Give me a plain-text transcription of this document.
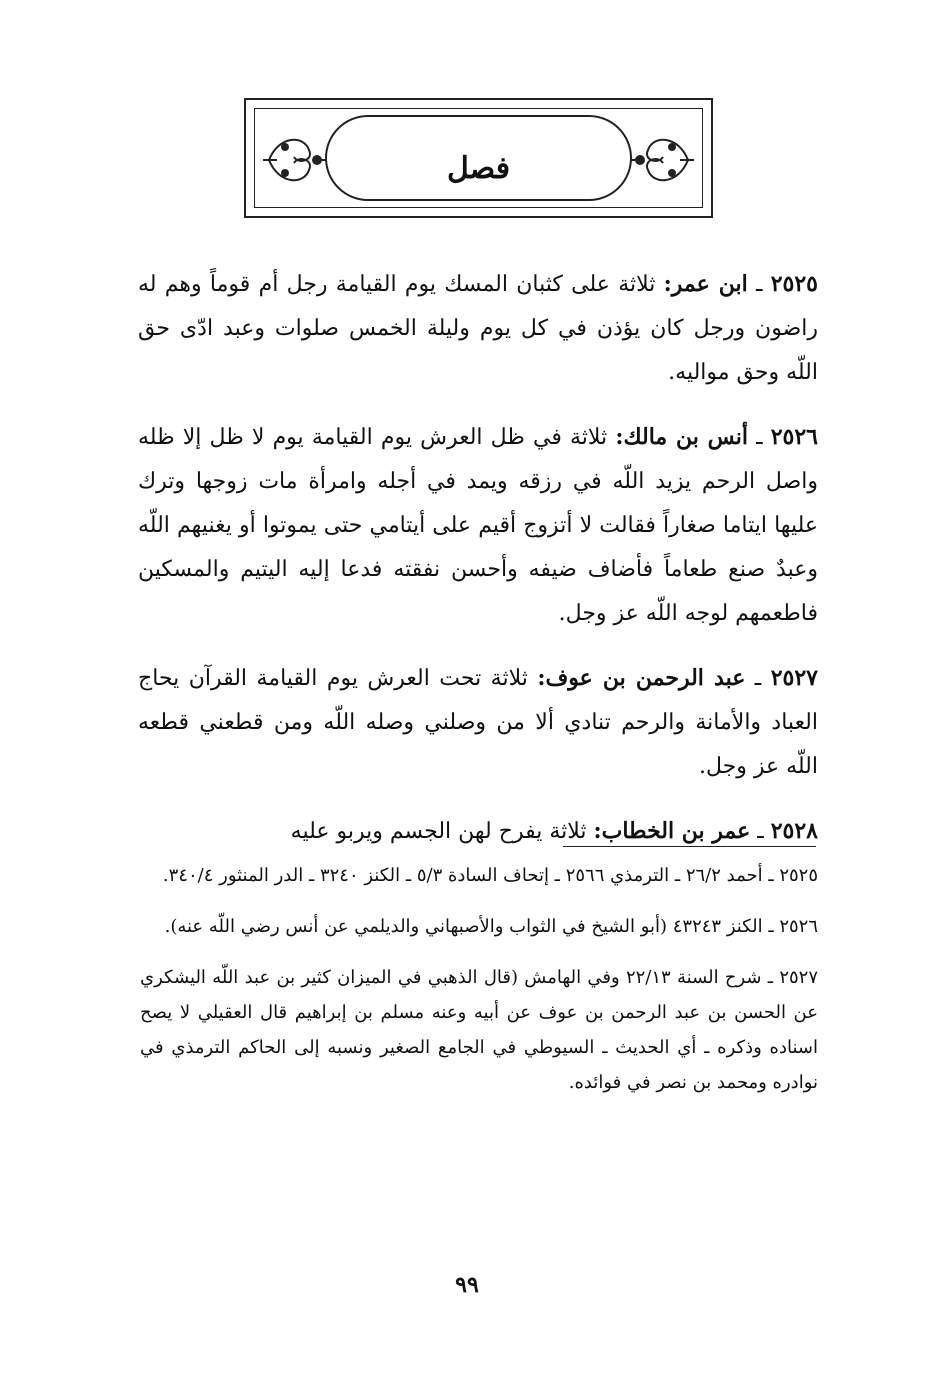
فصل

٢٥٢٥ ـ ابن عمر: ثلاثة على كثبان المسك يوم القيامة رجل أم قوماً وهم له راضون ورجل كان يؤذن في كل يوم وليلة الخمس صلوات وعبد ادّى حق اللّه وحق مواليه.

٢٥٢٦ ـ أنس بن مالك: ثلاثة في ظل العرش يوم القيامة يوم لا ظل إلا ظله واصل الرحم يزيد اللّه في رزقه ويمد في أجله وامرأة مات زوجها وترك عليها ايتاما صغاراً فقالت لا أتزوج أقيم على أيتامي حتى يموتوا أو يغنيهم اللّه وعبدٌ صنع طعاماً فأضاف ضيفه وأحسن نفقته فدعا إليه اليتيم والمسكين فاطعمهم لوجه اللّه عز وجل.

٢٥٢٧ ـ عبد الرحمن بن عوف: ثلاثة تحت العرش يوم القيامة القرآن يحاج العباد والأمانة والرحم تنادي ألا من وصلني وصله اللّه ومن قطعني قطعه اللّه عز وجل.

٢٥٢٨ ـ عمر بن الخطاب: ثلاثة يفرح لهن الجسم ويربو عليه

٢٥٢٥ ـ أحمد ٢٦/٢ ـ الترمذي ٢٥٦٦ ـ إتحاف السادة ٥/٣ ـ الكنز ٣٢٤٠ ـ الدر المنثور ٣٤٠/٤.

٢٥٢٦ ـ الكنز ٤٣٢٤٣ (أبو الشيخ في الثواب والأصبهاني والديلمي عن أنس رضي اللّه عنه).

٢٥٢٧ ـ شرح السنة ٢٢/١٣ وفي الهامش (قال الذهبي في الميزان كثير بن عبد اللّه اليشكري عن الحسن بن عبد الرحمن بن عوف عن أبيه وعنه مسلم بن إبراهيم قال العقيلي لا يصح اسناده وذكره ـ أي الحديث ـ السيوطي في الجامع الصغير ونسبه إلى الحاكم الترمذي في نوادره ومحمد بن نصر في فوائده.

٩٩
